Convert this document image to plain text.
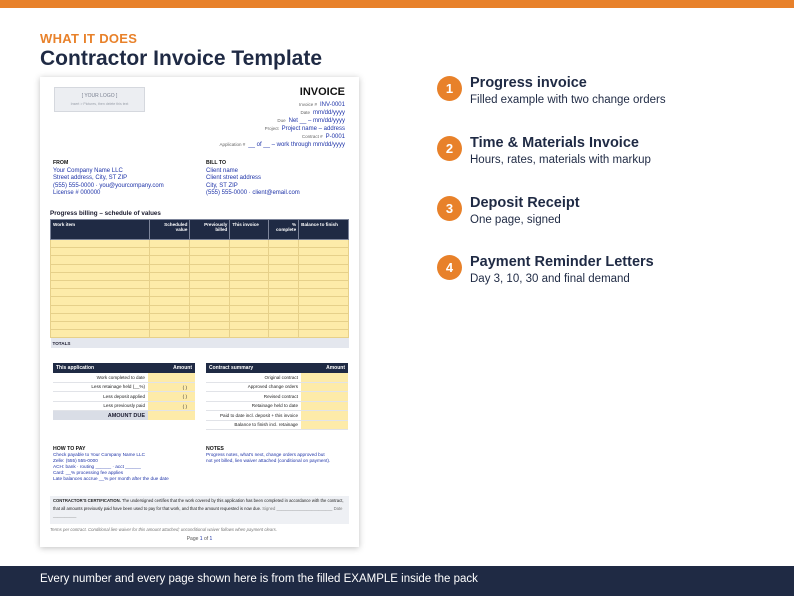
WHAT IT DOES
Contractor Invoice Template
[ YOUR LOGO ]
Insert > Pictures, then delete this text
INVOICE
Invoice # INV-0001
Date mm/dd/yyyy
Due Net __ – mm/dd/yyyy
Project Project name – address
Contract # P-0001
Application # __ of __ – work through mm/dd/yyyy
FROM
Your Company Name LLC
Street address, City, ST ZIP
(555) 555-0000 · you@yourcompany.com
License # 000000
BILL TO
Client name
Client street address
City, ST ZIP
(555) 555-0000 · client@email.com
Progress billing – schedule of values
Work item	Scheduled value	Previously billed	This invoice	% complete	Balance to finish

TOTALS					
This application	Amount
Work completed to date
Less retainage held (__%)	( )
Less deposit applied	( )
Less previously paid	( )
AMOUNT DUE
Contract summary	Amount
Original contract
Approved change orders
Revised contract
Retainage held to date
Paid to date incl. deposit + this invoice
Balance to finish incl. retainage
HOW TO PAY
Check payable to Your Company Name LLC
Zelle: (555) 555-0000
ACH: bank · routing ______ · acct ______
Card: __% processing fee applies
Late balances accrue __% per month after the due date
NOTES
Progress notes, what's next, change orders approved but
not yet billed, lien waiver attached (conditional on payment).
CONTRACTOR'S CERTIFICATION. The undersigned certifies that the work covered by this application has been completed in accordance with the contract, that all amounts previously paid have been used to pay for that work, and that the amount requested is now due. Signed ________________________ Date __________
Terms per contract. Conditional lien waiver for this amount attached; unconditional waiver follows when payment clears.
Page 1 of 1
1	Progress invoice
Filled example with two change orders
2	Time & Materials Invoice
Hours, rates, materials with markup
3	Deposit Receipt
One page, signed
4	Payment Reminder Letters
Day 3, 10, 30 and final demand
Every number and every page shown here is from the filled EXAMPLE inside the pack
